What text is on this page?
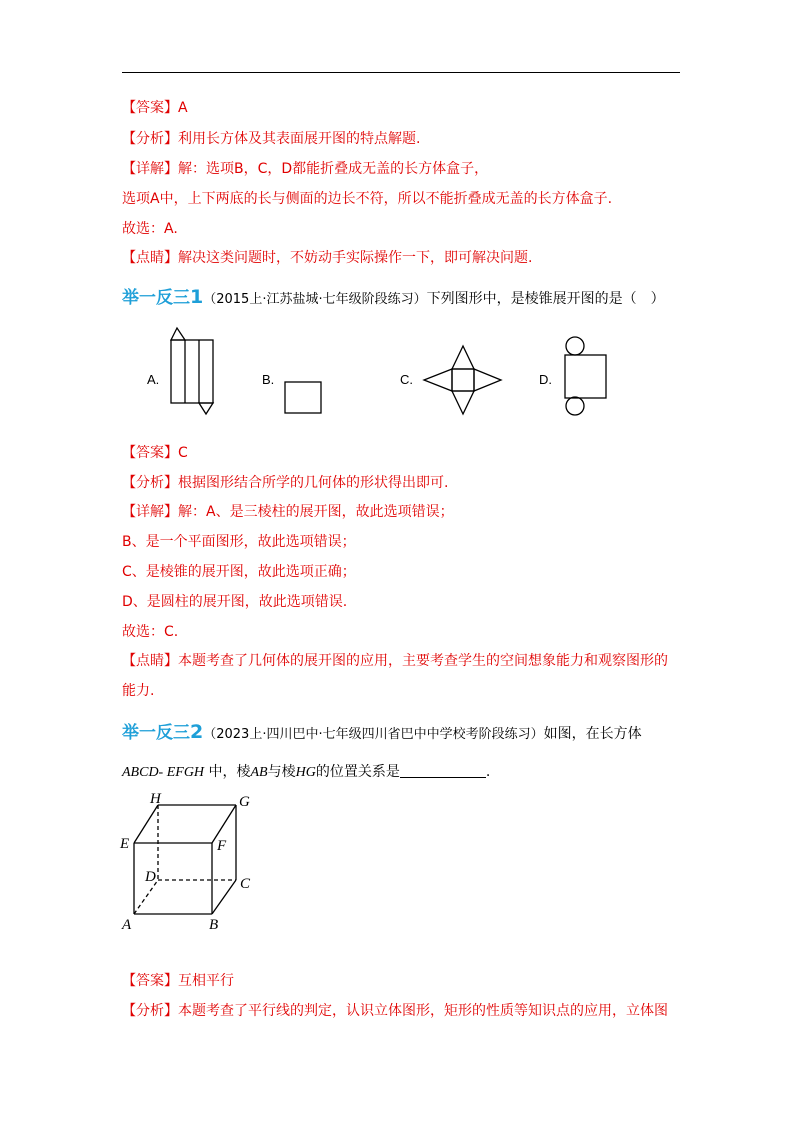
【答案】A
【分析】利用长方体及其表面展开图的特点解题.
【详解】解：选项B，C，D都能折叠成无盖的长方体盒子，
选项A中，上下两底的长与侧面的边长不符，所以不能折叠成无盖的长方体盒子.
故选：A.
【点睛】解决这类问题时，不妨动手实际操作一下，即可解决问题.
举一反三1（2015上·江苏盐城·七年级阶段练习）下列图形中，是棱锥展开图的是（　）
A.	B.	C.	D.
【答案】C
【分析】根据图形结合所学的几何体的形状得出即可.
【详解】解：A、是三棱柱的展开图，故此选项错误；
B、是一个平面图形，故此选项错误；
C、是棱锥的展开图，故此选项正确；
D、是圆柱的展开图，故此选项错误.
故选：C.
【点睛】本题考查了几何体的展开图的应用，主要考查学生的空间想象能力和观察图形的
能力.
举一反三2（2023上·四川巴中·七年级四川省巴中中学校考阶段练习）如图，在长方体
ABCD- EFGH 中，棱AB与棱HG的位置关系是	.
H	G
E	F
D	C
A	B
【答案】互相平行
【分析】本题考查了平行线的判定，认识立体图形，矩形的性质等知识点的应用，立体图
